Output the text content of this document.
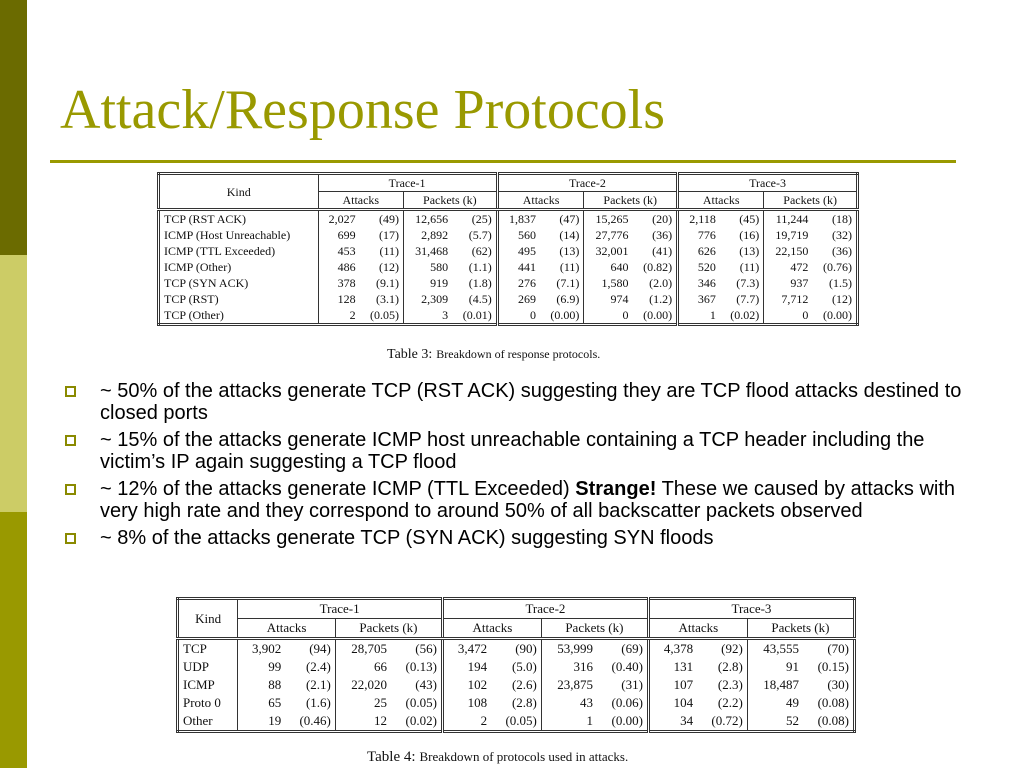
Attack/Response Protocols
Kind	Trace-1				Trace-2				Trace-3			
	Attacks		Packets (k)		Attacks		Packets (k)		Attacks		Packets (k)	
TCP (RST ACK)	2,027	(49)	12,656	(25)	1,837	(47)	15,265	(20)	2,118	(45)	11,244	(18)
ICMP (Host Unreachable)	699	(17)	2,892	(5.7)	560	(14)	27,776	(36)	776	(16)	19,719	(32)
ICMP (TTL Exceeded)	453	(11)	31,468	(62)	495	(13)	32,001	(41)	626	(13)	22,150	(36)
ICMP (Other)	486	(12)	580	(1.1)	441	(11)	640	(0.82)	520	(11)	472	(0.76)
TCP (SYN ACK)	378	(9.1)	919	(1.8)	276	(7.1)	1,580	(2.0)	346	(7.3)	937	(1.5)
TCP (RST)	128	(3.1)	2,309	(4.5)	269	(6.9)	974	(1.2)	367	(7.7)	7,712	(12)
TCP (Other)	2	(0.05)	3	(0.01)	0	(0.00)	0	(0.00)	1	(0.02)	0	(0.00)
Table 3: Breakdown of response protocols.
~ 50% of the attacks generate TCP (RST ACK) suggesting they are TCP flood attacks destined to closed ports
~ 15% of the attacks generate ICMP host unreachable containing a TCP header including the victim’s IP again suggesting a TCP flood
~ 12% of the attacks generate ICMP (TTL Exceeded) Strange! These we caused by attacks with very high rate and they correspond to around 50% of all backscatter packets observed
~ 8% of the attacks generate TCP (SYN ACK) suggesting SYN floods
Kind	Trace-1				Trace-2				Trace-3			
	Attacks		Packets (k)		Attacks		Packets (k)		Attacks		Packets (k)	
TCP	3,902	(94)	28,705	(56)	3,472	(90)	53,999	(69)	4,378	(92)	43,555	(70)
UDP	99	(2.4)	66	(0.13)	194	(5.0)	316	(0.40)	131	(2.8)	91	(0.15)
ICMP	88	(2.1)	22,020	(43)	102	(2.6)	23,875	(31)	107	(2.3)	18,487	(30)
Proto 0	65	(1.6)	25	(0.05)	108	(2.8)	43	(0.06)	104	(2.2)	49	(0.08)
Other	19	(0.46)	12	(0.02)	2	(0.05)	1	(0.00)	34	(0.72)	52	(0.08)
Table 4: Breakdown of protocols used in attacks.
